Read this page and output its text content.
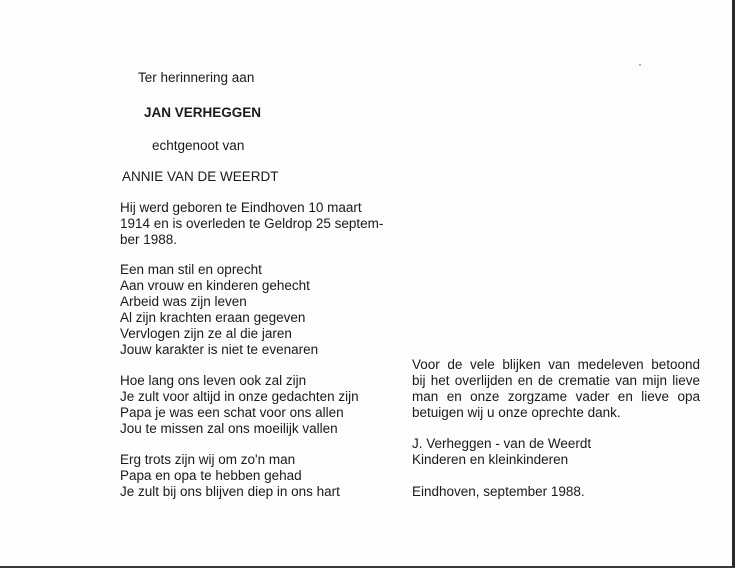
Ter herinnering aan

JAN VERHEGGEN

echtgenoot van

ANNIE VAN DE WEERDT

Hij werd geboren te Eindhoven 10 maart

1914 en is overleden te Geldrop 25 septem-

ber 1988.

Een man stil en oprecht

Aan vrouw en kinderen gehecht

Arbeid was zijn leven

Al zijn krachten eraan gegeven

Vervlogen zijn ze al die jaren

Jouw karakter is niet te evenaren

Hoe lang ons leven ook zal zijn

Je zult voor altijd in onze gedachten zijn

Papa je was een schat voor ons allen

Jou te missen zal ons moeilijk vallen

Erg trots zijn wij om zo'n man

Papa en opa te hebben gehad

Je zult bij ons blijven diep in ons hart

Voor de vele blijken van medeleven betoond

bij het overlijden en de crematie van mijn lieve

man en onze zorgzame vader en lieve opa

betuigen wij u onze oprechte dank.

J. Verheggen - van de Weerdt

Kinderen en kleinkinderen

Eindhoven, september 1988.
